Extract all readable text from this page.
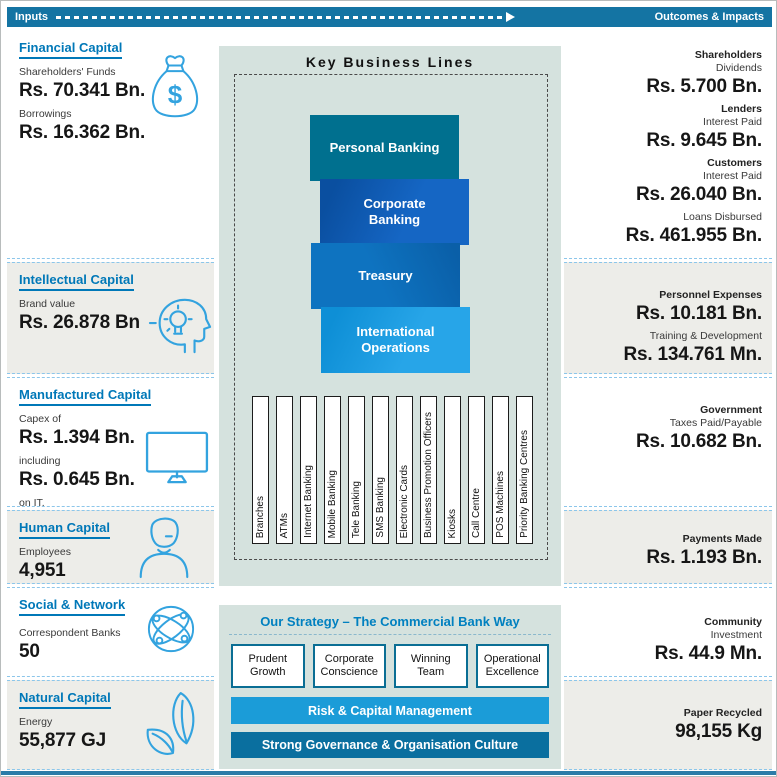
Inputs	Outcomes & Impacts
Financial Capital
Shareholders' Funds
Rs. 70.341 Bn.
Borrowings
Rs. 16.362 Bn.
$
Intellectual Capital
Brand value
Rs. 26.878 Bn
Manufactured Capital
Capex of
Rs. 1.394 Bn.
including
Rs. 0.645 Bn.
on IT.
Human Capital
Employees
4,951
Social & Network
Correspondent Banks
50
Natural Capital
Energy
55,877 GJ
Key Business Lines
Personal Banking
Corporate Banking
Treasury
International Operations
Branches ATMs Internet Banking Mobile Banking Tele Banking SMS Banking Electronic Cards Business Promotion Officers Kiosks Call Centre POS Machines Priority Banking Centres
Our Strategy – The Commercial Bank Way
Prudent Growth
Corporate Conscience
Winning Team
Operational Excellence
Risk & Capital Management
Strong Governance & Organisation Culture
Shareholders
Dividends
Rs. 5.700 Bn.
Lenders
Interest Paid
Rs. 9.645 Bn.
Customers
Interest Paid
Rs. 26.040 Bn.
Loans Disbursed
Rs. 461.955 Bn.
Personnel Expenses
Rs. 10.181 Bn.
Training & Development
Rs. 134.761 Mn.
Government
Taxes Paid/Payable
Rs. 10.682 Bn.
Payments Made
Rs. 1.193 Bn.
Community
Investment
Rs. 44.9 Mn.
Paper Recycled
98,155 Kg
